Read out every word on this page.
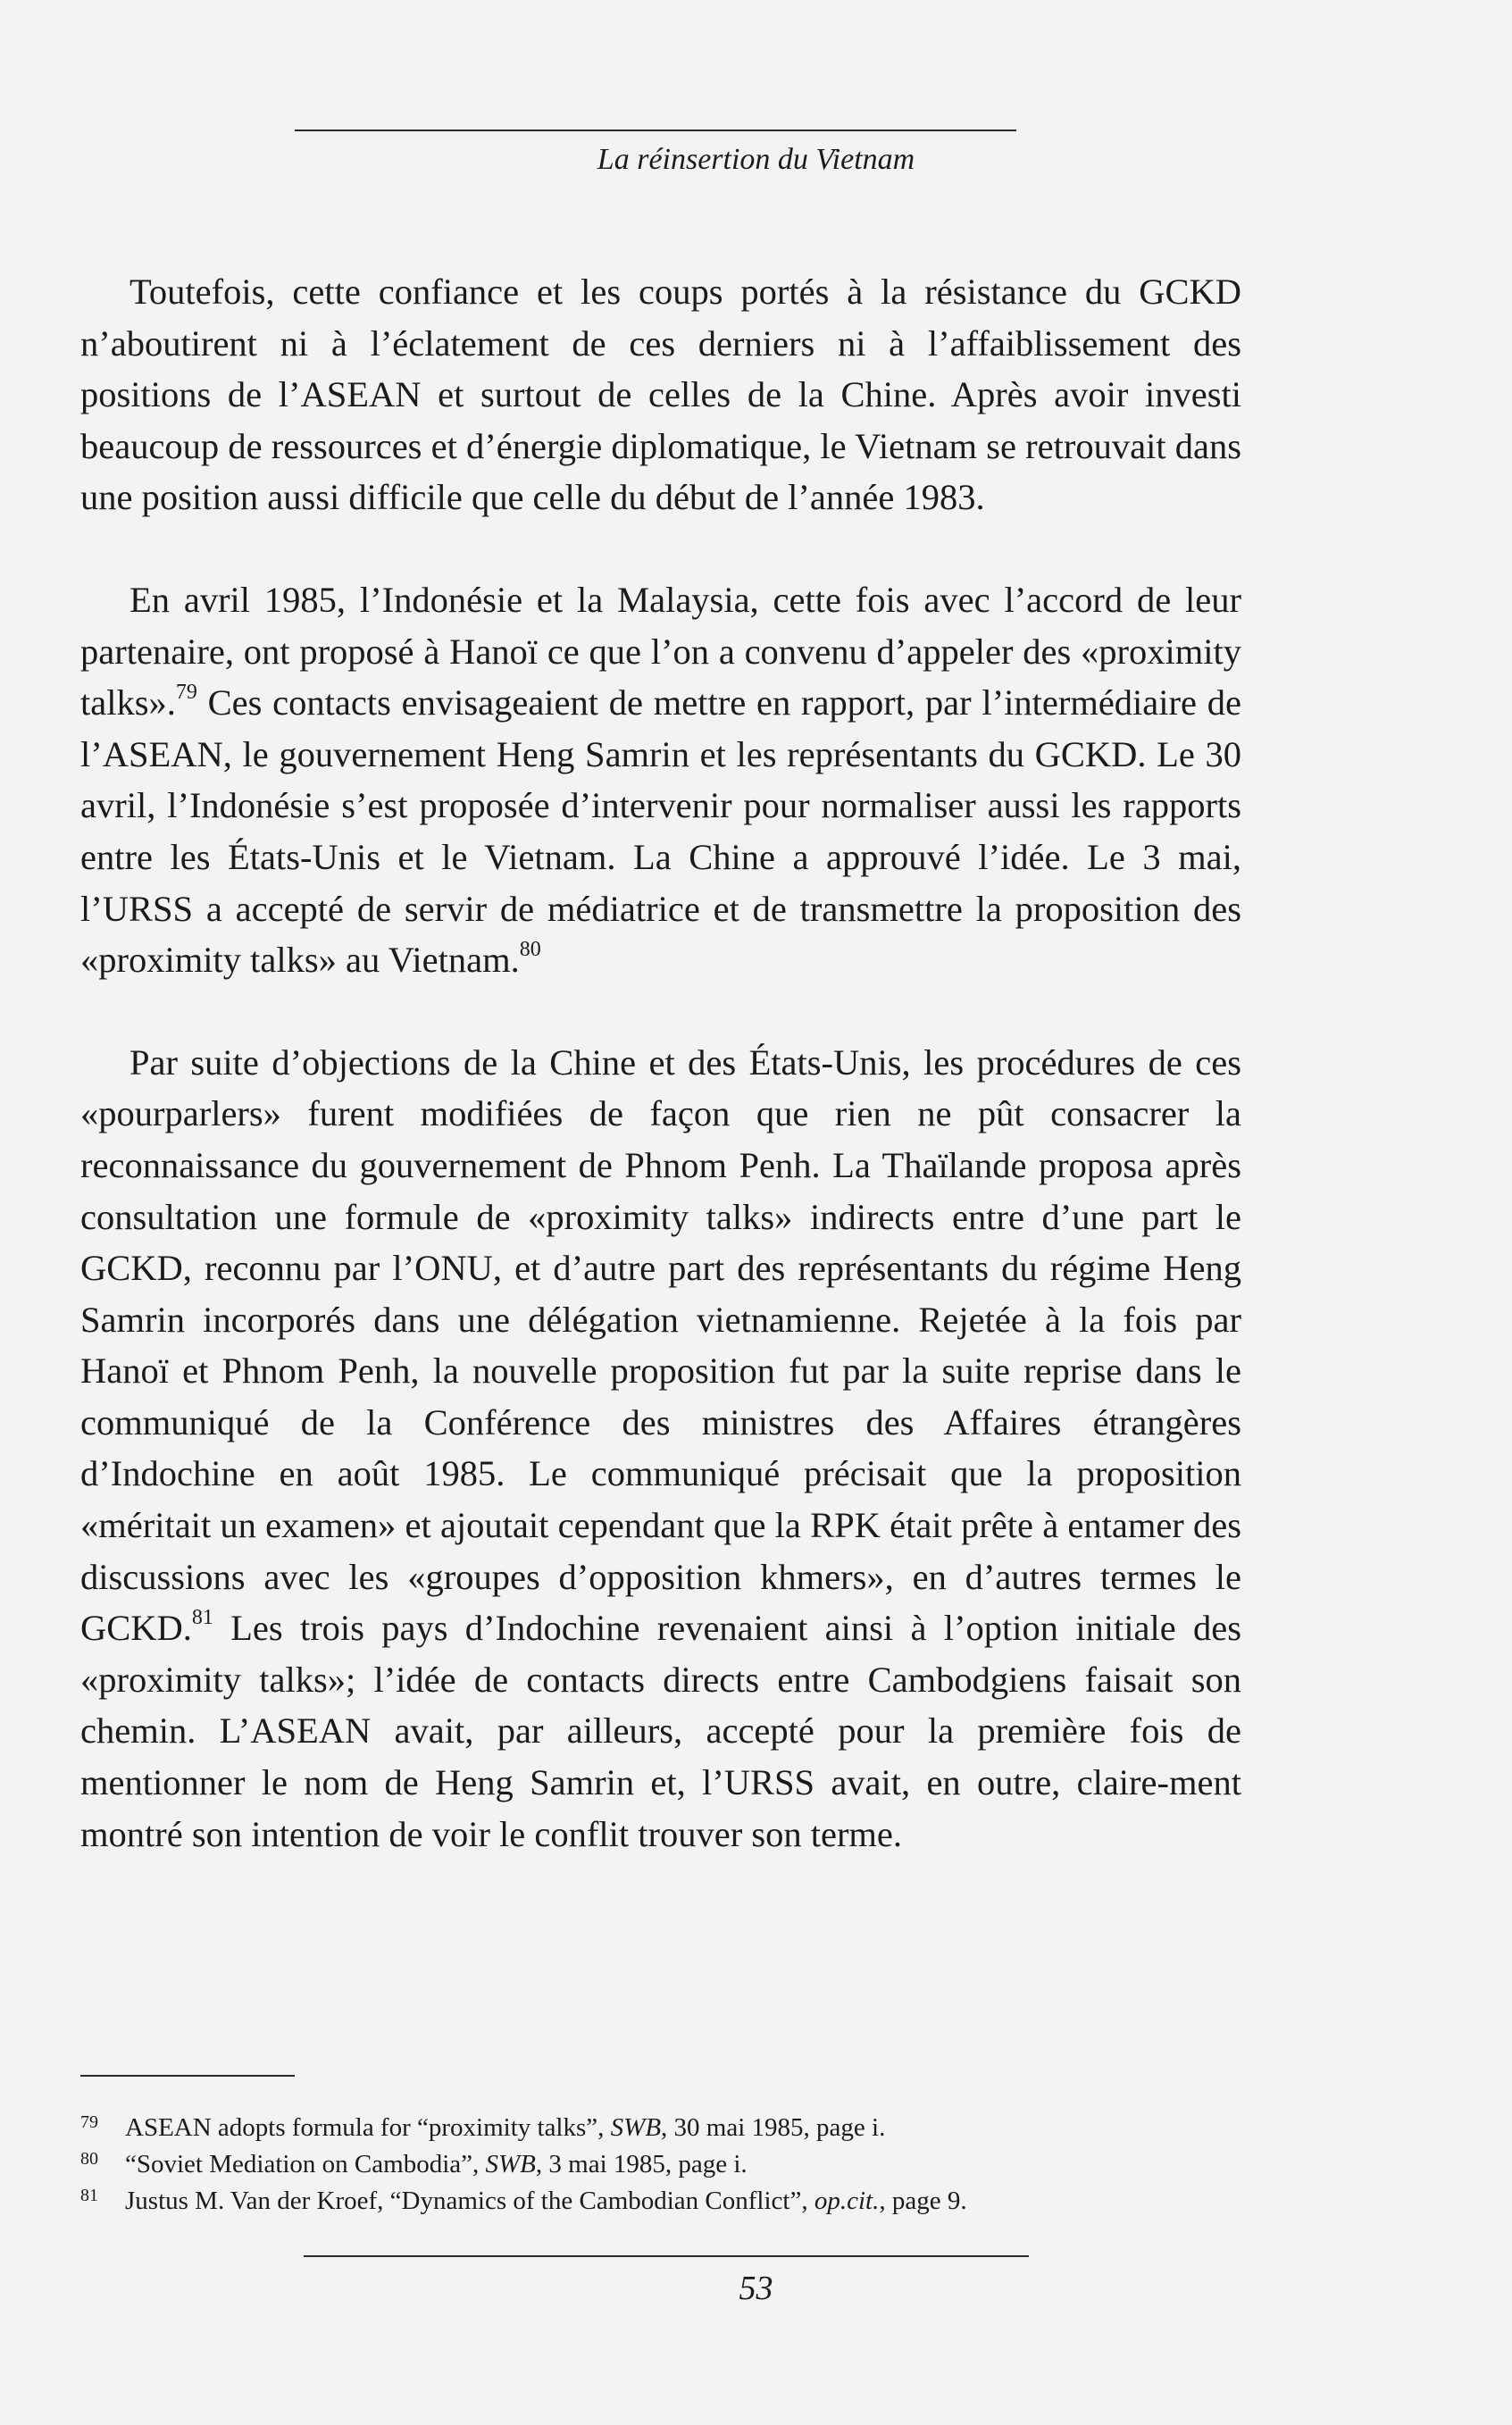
La réinsertion du Vietnam

Toutefois, cette confiance et les coups portés à la résistance du GCKD n’aboutirent ni à l’éclatement de ces derniers ni à l’affaiblissement des positions de l’ASEAN et surtout de celles de la Chine. Après avoir investi beaucoup de ressources et d’énergie diplomatique, le Vietnam se retrouvait dans une position aussi difficile que celle du début de l’année 1983.

En avril 1985, l’Indonésie et la Malaysia, cette fois avec l’accord de leur partenaire, ont proposé à Hanoï ce que l’on a convenu d’appeler des «proximity talks».$^{79}$ Ces contacts envisageaient de mettre en rapport, par l’intermédiaire de l’ASEAN, le gouvernement Heng Samrin et les représentants du GCKD. Le 30 avril, l’Indonésie s’est proposée d’intervenir pour normaliser aussi les rapports entre les États-Unis et le Vietnam. La Chine a approuvé l’idée. Le 3 mai, l’URSS a accepté de servir de médiatrice et de transmettre la proposition des «proximity talks» au Vietnam.$^{80}$

Par suite d’objections de la Chine et des États-Unis, les procédures de ces «pourparlers» furent modifiées de façon que rien ne pût consacrer la reconnaissance du gouvernement de Phnom Penh. La Thaïlande proposa après consultation une formule de «proximity talks» indirects entre d’une part le GCKD, reconnu par l’ONU, et d’autre part des représentants du régime Heng Samrin incorporés dans une délégation vietnamienne. Rejetée à la fois par Hanoï et Phnom Penh, la nouvelle proposition fut par la suite reprise dans le communiqué de la Conférence des ministres des Affaires étrangères d’Indochine en août 1985. Le communiqué précisait que la proposition «méritait un examen» et ajoutait cependant que la RPK était prête à entamer des discussions avec les «groupes d’opposition khmers», en d’autres termes le GCKD.$^{81}$ Les trois pays d’Indochine revenaient ainsi à l’option initiale des «proximity talks»; l’idée de contacts directs entre Cambodgiens faisait son chemin. L’ASEAN avait, par ailleurs, accepté pour la première fois de mentionner le nom de Heng Samrin et, l’URSS avait, en outre, claire-ment montré son intention de voir le conflit trouver son terme.

79	ASEAN adopts formula for “proximity talks”, SWB, 30 mai 1985, page i.
80	“Soviet Mediation on Cambodia”, SWB, 3 mai 1985, page i.
81	Justus M. Van der Kroef, “Dynamics of the Cambodian Conflict”, op.cit., page 9.
53
